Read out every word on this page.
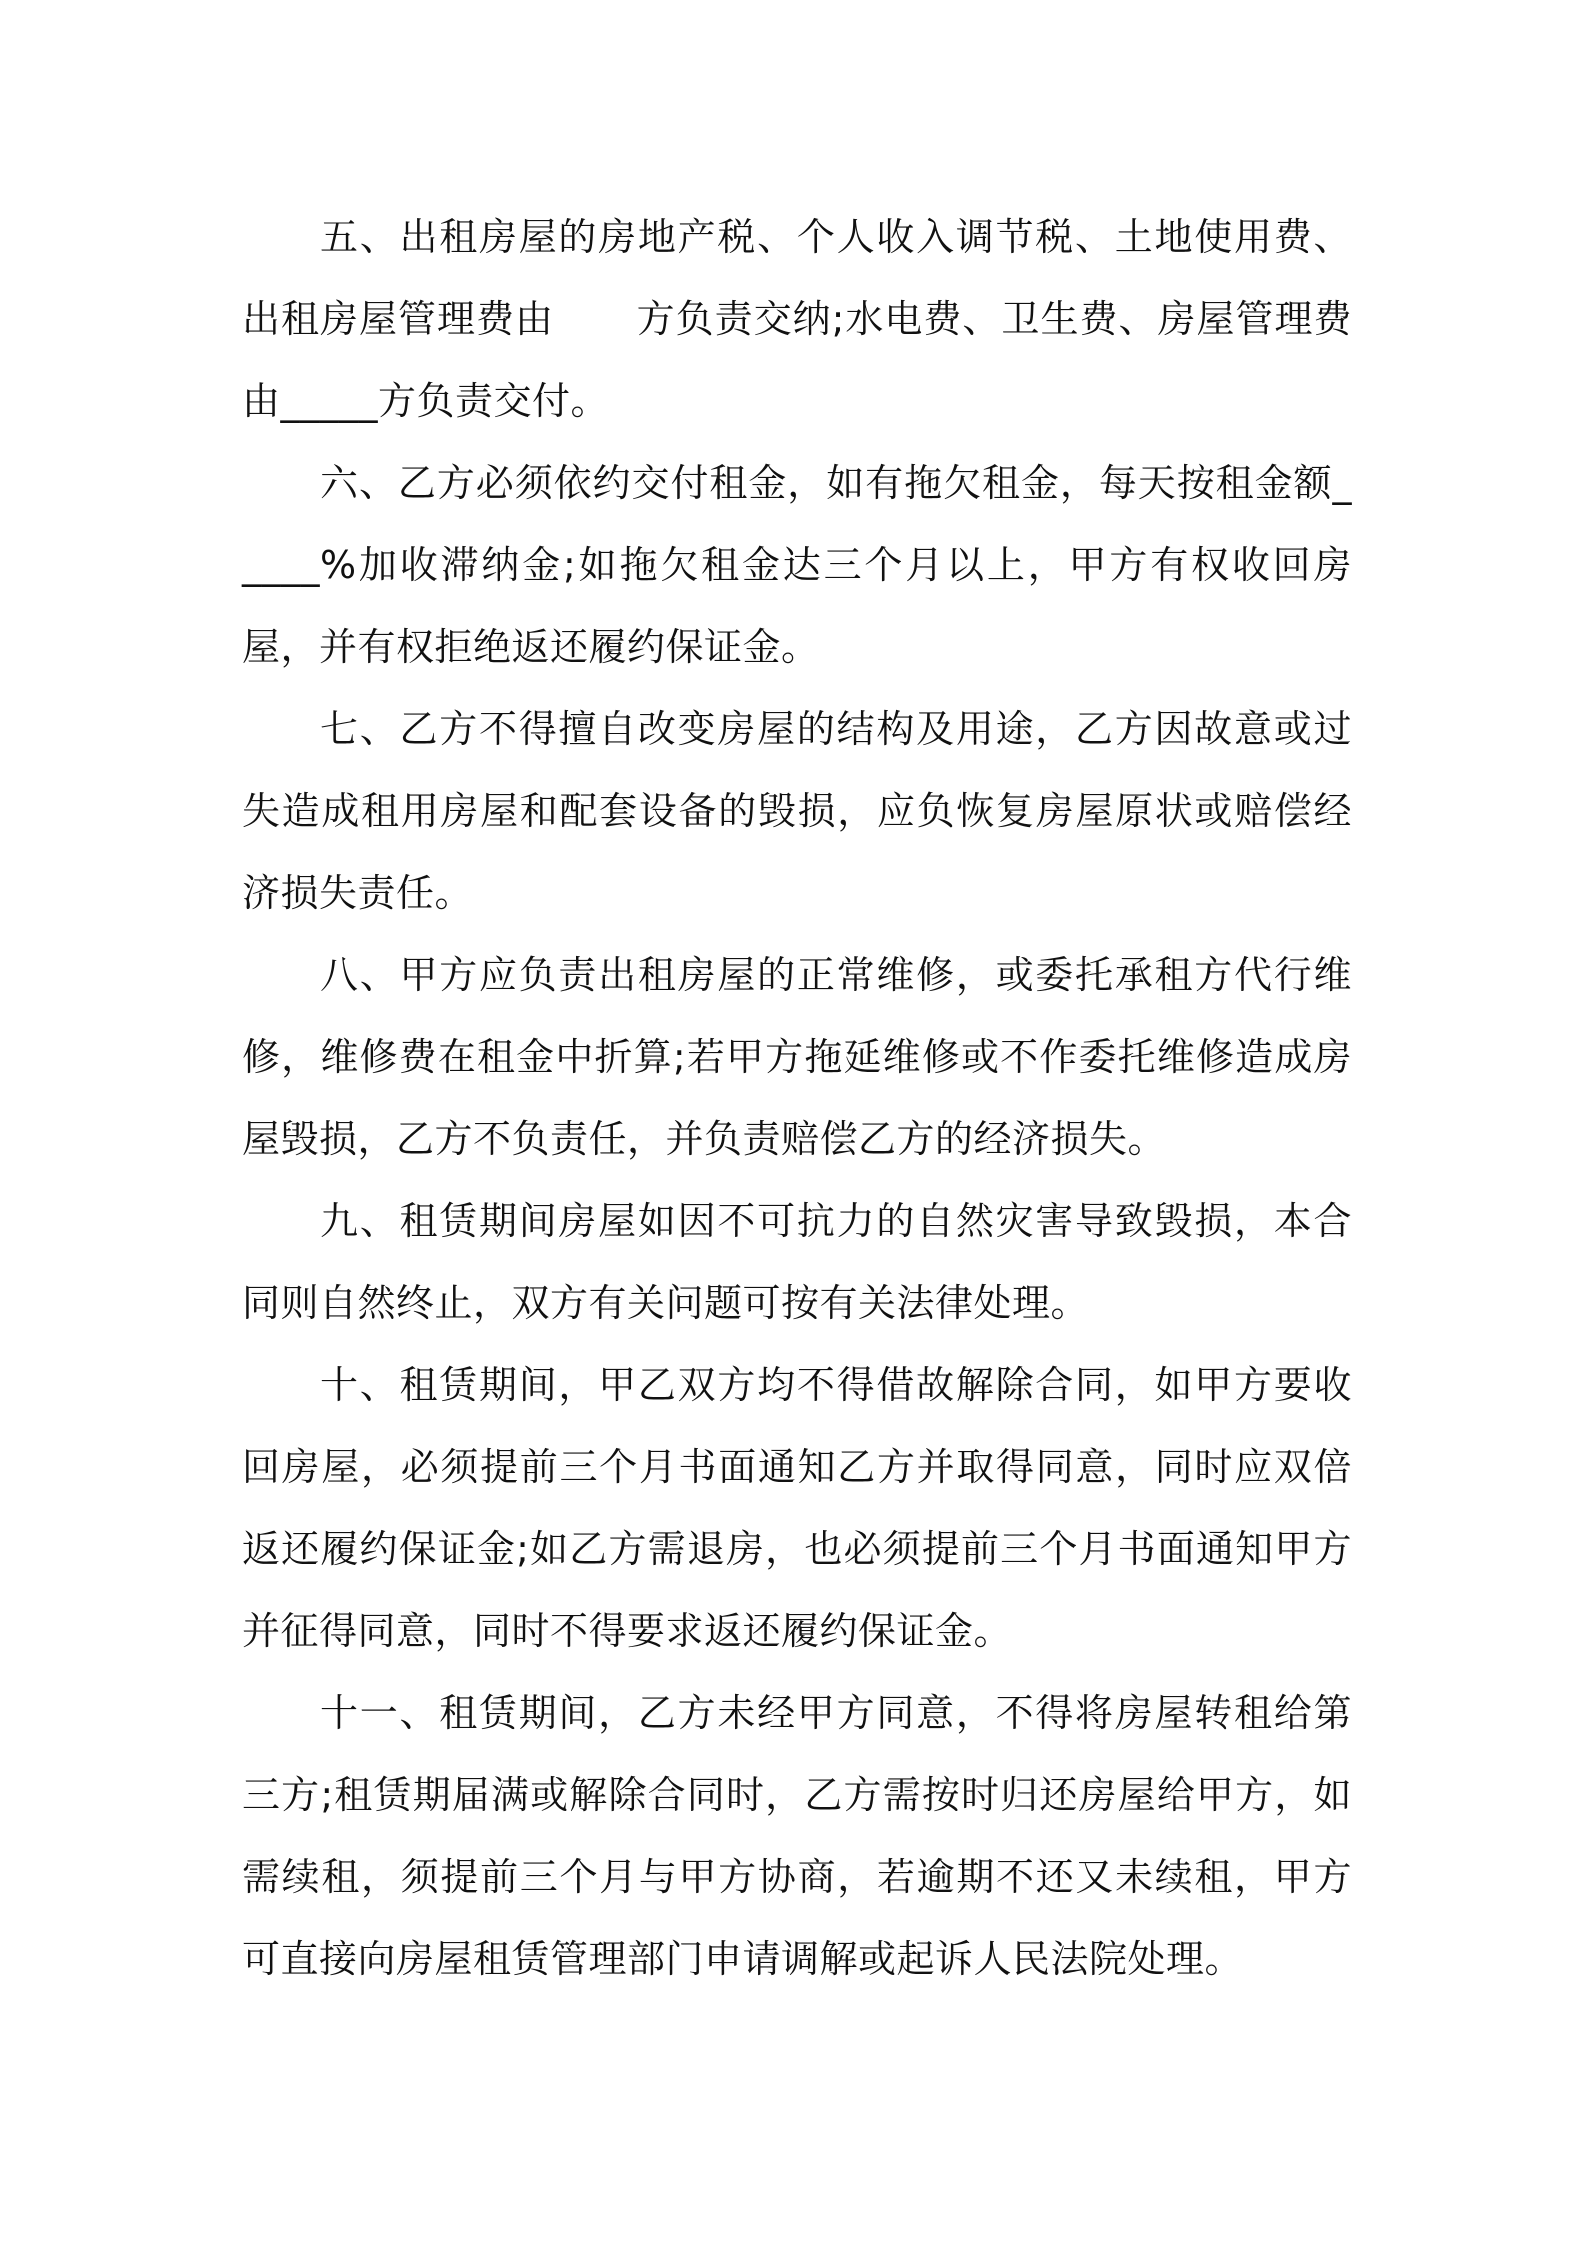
五、出租房屋的房地产税、个人收入调节税、土地使用费、出租房屋管理费由 方负责交纳;水电费、卫生费、房屋管理费由_____方负责交付。

六、乙方必须依约交付租金，如有拖欠租金，每天按租金额_____%加收滞纳金;如拖欠租金达三个月以上，甲方有权收回房屋，并有权拒绝返还履约保证金。

七、乙方不得擅自改变房屋的结构及用途，乙方因故意或过失造成租用房屋和配套设备的毁损，应负恢复房屋原状或赔偿经济损失责任。

八、甲方应负责出租房屋的正常维修，或委托承租方代行维修，维修费在租金中折算;若甲方拖延维修或不作委托维修造成房屋毁损，乙方不负责任，并负责赔偿乙方的经济损失。

九、租赁期间房屋如因不可抗力的自然灾害导致毁损，本合同则自然终止，双方有关问题可按有关法律处理。

十、租赁期间，甲乙双方均不得借故解除合同，如甲方要收回房屋，必须提前三个月书面通知乙方并取得同意，同时应双倍返还履约保证金;如乙方需退房，也必须提前三个月书面通知甲方并征得同意，同时不得要求返还履约保证金。

十一、租赁期间，乙方未经甲方同意，不得将房屋转租给第三方;租赁期届满或解除合同时，乙方需按时归还房屋给甲方，如需续租，须提前三个月与甲方协商，若逾期不还又未续租，甲方可直接向房屋租赁管理部门申请调解或起诉人民法院处理。
